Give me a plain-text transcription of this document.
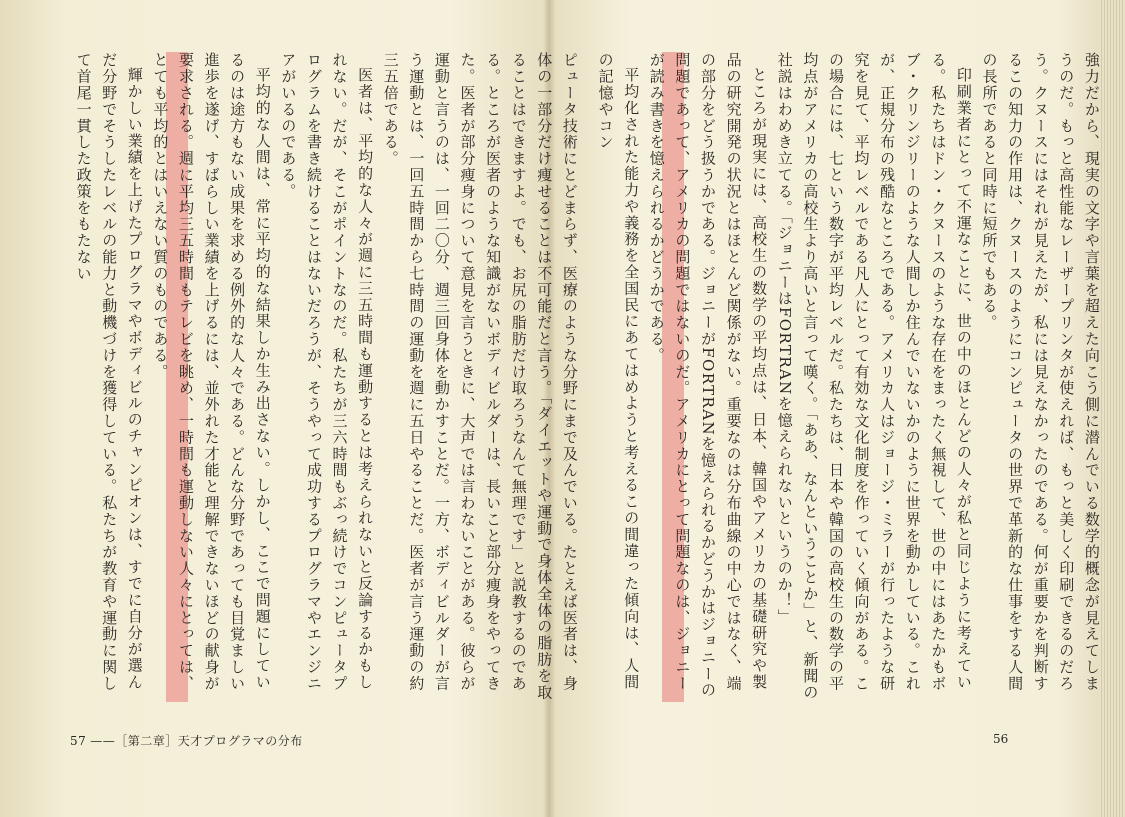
ピュータ技術にとどまらず、医療のような分野にまで及んでいる。たとえば医者は、身体の一部分だけ痩せることは不可能だと言う。「ダイエットや運動で身体全体の脂肪を取ることはできますよ。でも、お尻の脂肪だけ取ろうなんて無理です」と説教するのである。ところが医者のような知識がないボディビルダーは、長いこと部分痩身をやってきた。医者が部分痩身について意見を言うときに、大声では言わないことがある。彼らが運動と言うのは、一回二〇分、週三回身体を動かすことだ。一方、ボディビルダーが言う運動とは、一回五時間から七時間の運動を週に五日やることだ。医者が言う運動の約三五倍である。

医者は、平均的な人々が週に三五時間も運動するとは考えられないと反論するかもしれない。だが、そこがポイントなのだ。私たちが三六時間もぶっ続けでコンピュータプログラムを書き続けることはないだろうが、そうやって成功するプログラマやエンジニアがいるのである。

平均的な人間は、常に平均的な結果しか生み出さない。しかし、ここで問題にしているのは途方もない成果を求める例外的な人々である。どんな分野であっても目覚ましい進歩を遂げ、すばらしい業績を上げるには、並外れた才能と理解できないほどの献身が要求される。週に平均三五時間もテレビを眺め、一時間も運動しない人々にとっては、とても平均的とはいえない質のものである。

輝かしい業績を上げたプログラマやボディビルのチャンピオンは、すでに自分が選んだ分野でそうしたレベルの能力と動機づけを獲得している。私たちが教育や運動に関して首尾一貫した政策をもたない	強力だから、現実の文字や言葉を超えた向こう側に潜んでいる数学的概念が見えてしまうのだ。もっと高性能なレーザープリンタが使えれば、もっと美しく印刷できるのだろう。クヌースにはそれが見えたが、私には見えなかったのである。何が重要かを判断するこの知力の作用は、クヌースのようにコンピュータの世界で革新的な仕事をする人間の長所であると同時に短所でもある。

印刷業者にとって不運なことに、世の中のほとんどの人々が私と同じように考えている。私たちはドン・クヌースのような存在をまったく無視して、世の中にはあたかもボブ・クリンジリーのような人間しか住んでいないかのように世界を動かしている。これが、正規分布の残酷なところである。アメリカ人はジョージ・ミラーが行ったような研究を見て、平均レベルである凡人にとって有効な文化制度を作っていく傾向がある。この場合には、七という数字が平均レベルだ。私たちは、日本や韓国の高校生の数学の平均点がアメリカの高校生より高いと言って嘆く。「ああ、なんということか」と、新聞の社説はわめき立てる。「ジョニーはFORTRANを憶えられないというのか！」

ところが現実には、高校生の数学の平均点は、日本、韓国やアメリカの基礎研究や製品の研究開発の状況とはほとんど関係がない。重要なのは分布曲線の中心ではなく、端の部分をどう扱うかである。ジョニーがFORTRANを憶えられるかどうかはジョニーの問題であって、アメリカの問題ではないのだ。アメリカにとって問題なのは、ジョニーが読み書きを憶えられるかどうかである。

平均化された能力や義務を全国民にあてはめようと考えるこの間違った傾向は、人間の記憶やコン

57 ——［第二章］天才プログラマの分布	56
